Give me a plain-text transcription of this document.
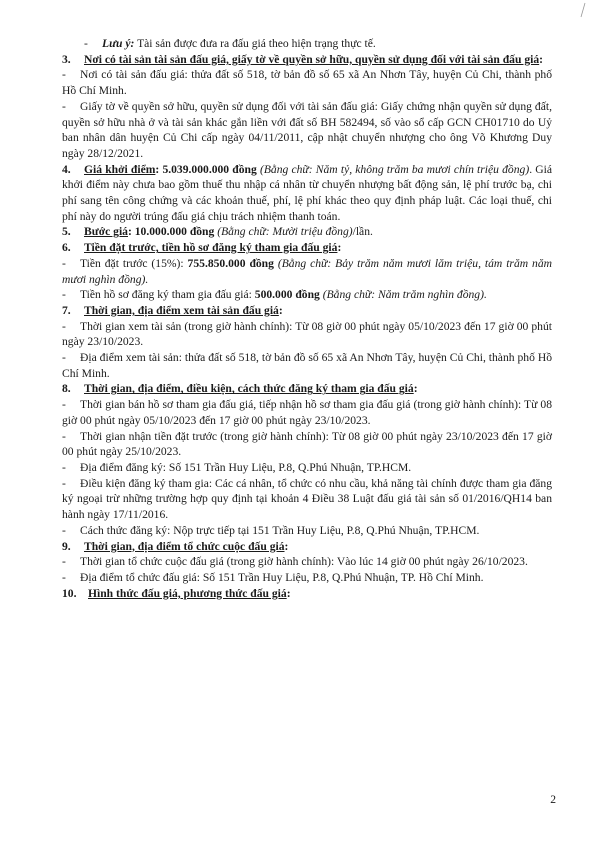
- Lưu ý: Tài sản được đưa ra đấu giá theo hiện trạng thực tế.

3. Nơi có tài sản tài sản đấu giá, giấy tờ về quyền sở hữu, quyền sử dụng đối với tài sản đấu giá:

- Nơi có tài sản đấu giá: thửa đất số 518, tờ bản đồ số 65 xã An Nhơn Tây, huyện Củ Chi, thành phố Hồ Chí Minh.

- Giấy tờ về quyền sở hữu, quyền sử dụng đối với tài sản đấu giá: Giấy chứng nhận quyền sử dụng đất, quyền sở hữu nhà ở và tài sản khác gắn liền với đất số BH 582494, số vào sổ cấp GCN CH01710 do Uỷ ban nhân dân huyện Củ Chi cấp ngày 04/11/2011, cập nhật chuyển nhượng cho ông Võ Khương Duy ngày 28/12/2021.

4. Giá khởi điểm: 5.039.000.000 đồng (Bằng chữ: Năm tỷ, không trăm ba mươi chín triệu đồng). Giá khởi điểm này chưa bao gồm thuế thu nhập cá nhân từ chuyển nhượng bất động sản, lệ phí trước bạ, chi phí sang tên công chứng và các khoản thuế, phí, lệ phí khác theo quy định pháp luật. Các loại thuế, chi phí này do người trúng đấu giá chịu trách nhiệm thanh toán.

5. Bước giá: 10.000.000 đồng (Bằng chữ: Mười triệu đồng)/lần.

6. Tiền đặt trước, tiền hồ sơ đăng ký tham gia đấu giá:

- Tiền đặt trước (15%): 755.850.000 đồng (Bằng chữ: Bảy trăm năm mươi lăm triệu, tám trăm năm mươi nghìn đồng).

- Tiền hồ sơ đăng ký tham gia đấu giá: 500.000 đồng (Bằng chữ: Năm trăm nghìn đồng).

7. Thời gian, địa điểm xem tài sản đấu giá:

- Thời gian xem tài sản (trong giờ hành chính): Từ 08 giờ 00 phút ngày 05/10/2023 đến 17 giờ 00 phút ngày 23/10/2023.

- Địa điểm xem tài sản: thửa đất số 518, tờ bản đồ số 65 xã An Nhơn Tây, huyện Củ Chi, thành phố Hồ Chí Minh.

8. Thời gian, địa điểm, điều kiện, cách thức đăng ký tham gia đấu giá:

- Thời gian bán hồ sơ tham gia đấu giá, tiếp nhận hồ sơ tham gia đấu giá (trong giờ hành chính): Từ 08 giờ 00 phút ngày 05/10/2023 đến 17 giờ 00 phút ngày 23/10/2023.

- Thời gian nhận tiền đặt trước (trong giờ hành chính): Từ 08 giờ 00 phút ngày 23/10/2023 đến 17 giờ 00 phút ngày 25/10/2023.

- Địa điểm đăng ký: Số 151 Trần Huy Liệu, P.8, Q.Phú Nhuận, TP.HCM.

- Điều kiện đăng ký tham gia: Các cá nhân, tổ chức có nhu cầu, khả năng tài chính được tham gia đăng ký ngoại trừ những trường hợp quy định tại khoản 4 Điều 38 Luật đấu giá tài sản số 01/2016/QH14 ban hành ngày 17/11/2016.

- Cách thức đăng ký: Nộp trực tiếp tại 151 Trần Huy Liệu, P.8, Q.Phú Nhuận, TP.HCM.

9. Thời gian, địa điểm tổ chức cuộc đấu giá:

- Thời gian tổ chức cuộc đấu giá (trong giờ hành chính): Vào lúc 14 giờ 00 phút ngày 26/10/2023.

- Địa điểm tổ chức đấu giá: Số 151 Trần Huy Liệu, P.8, Q.Phú Nhuận, TP. Hồ Chí Minh.

10. Hình thức đấu giá, phương thức đấu giá:

2
